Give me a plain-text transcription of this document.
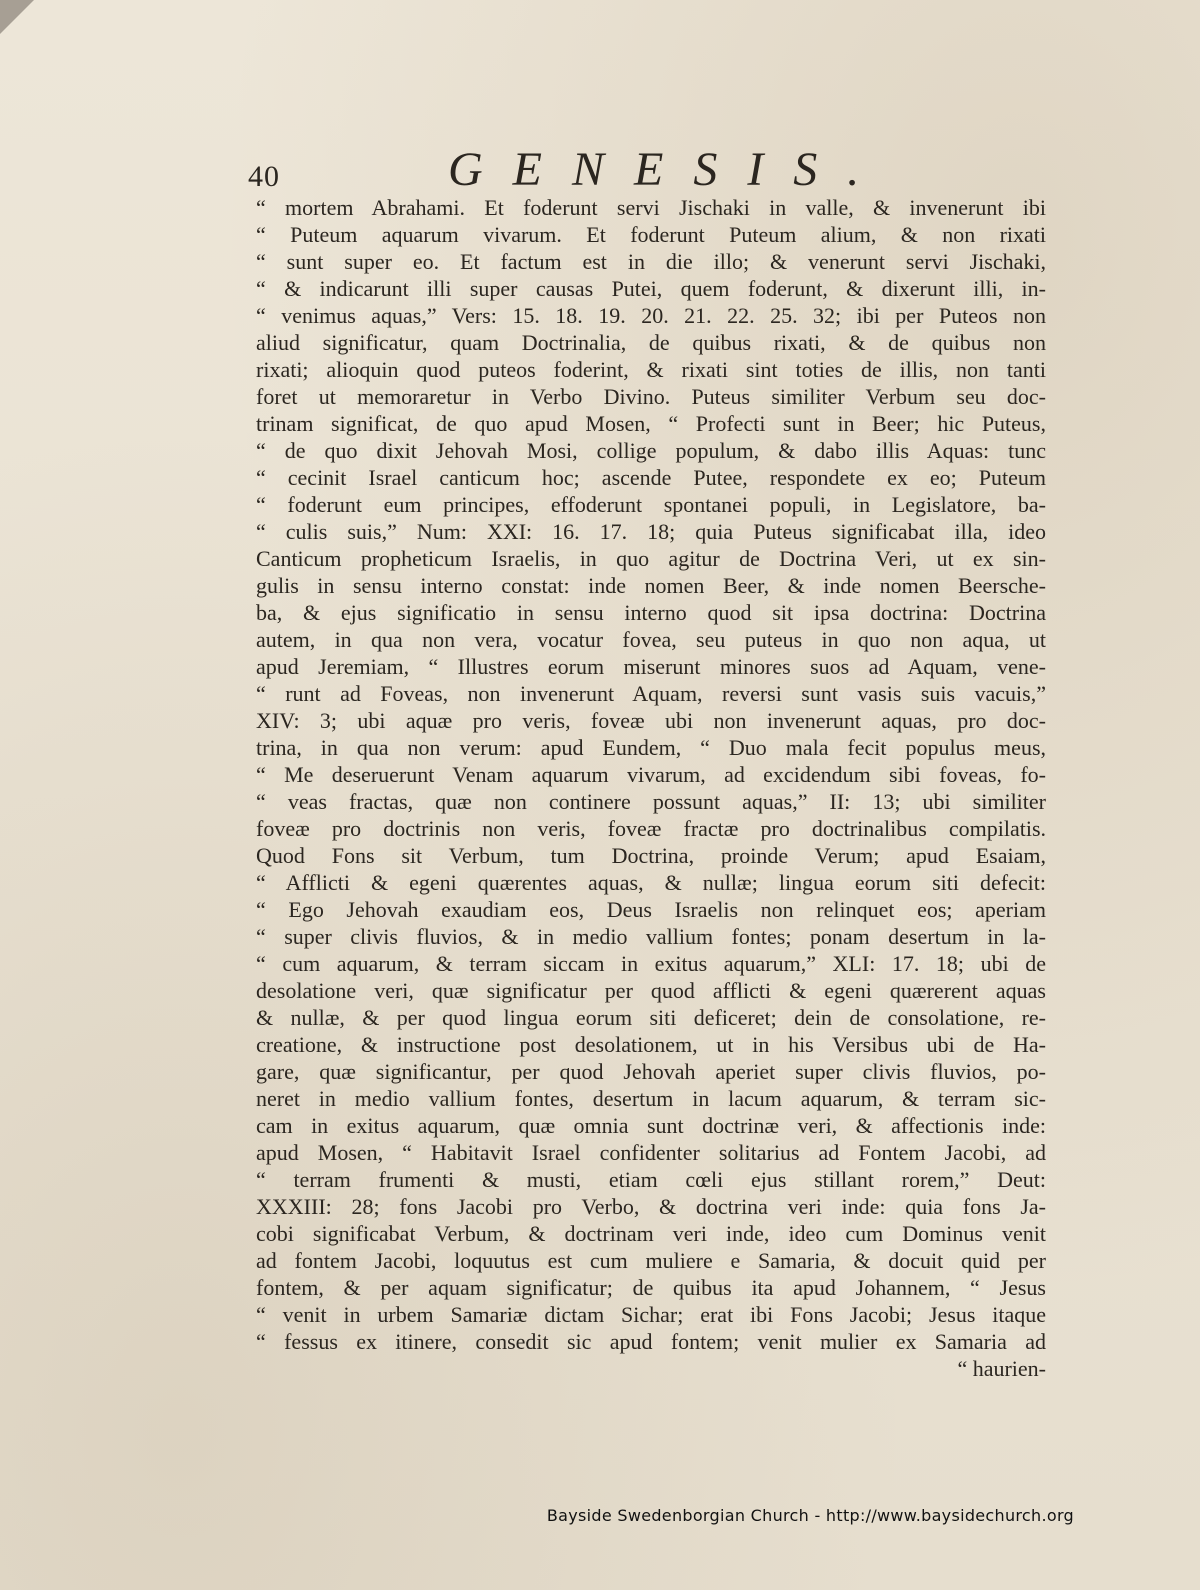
40	GENESIS.
“ mortem Abrahami. Et foderunt servi Jischaki in valle, & invenerunt ibi
“ Puteum aquarum vivarum. Et foderunt Puteum alium, & non rixati
“ sunt super eo. Et factum est in die illo; & venerunt servi Jischaki,
“ & indicarunt illi super causas Putei, quem foderunt, & dixerunt illi, in-
“ venimus aquas,” Vers: 15. 18. 19. 20. 21. 22. 25. 32; ibi per Puteos non
aliud significatur, quam Doctrinalia, de quibus rixati, & de quibus non
rixati; alioquin quod puteos foderint, & rixati sint toties de illis, non tanti
foret ut memoraretur in Verbo Divino. Puteus similiter Verbum seu doc-
trinam significat, de quo apud Mosen, “ Profecti sunt in Beer; hic Puteus,
“ de quo dixit Jehovah Mosi, collige populum, & dabo illis Aquas: tunc
“ cecinit Israel canticum hoc; ascende Putee, respondete ex eo; Puteum
“ foderunt eum principes, effoderunt spontanei populi, in Legislatore, ba-
“ culis suis,” Num: XXI: 16. 17. 18; quia Puteus significabat illa, ideo
Canticum propheticum Israelis, in quo agitur de Doctrina Veri, ut ex sin-
gulis in sensu interno constat: inde nomen Beer, & inde nomen Beersche-
ba, & ejus significatio in sensu interno quod sit ipsa doctrina: Doctrina
autem, in qua non vera, vocatur fovea, seu puteus in quo non aqua, ut
apud Jeremiam, “ Illustres eorum miserunt minores suos ad Aquam, vene-
“ runt ad Foveas, non invenerunt Aquam, reversi sunt vasis suis vacuis,”
XIV: 3; ubi aquæ pro veris, foveæ ubi non invenerunt aquas, pro doc-
trina, in qua non verum: apud Eundem, “ Duo mala fecit populus meus,
“ Me deseruerunt Venam aquarum vivarum, ad excidendum sibi foveas, fo-
“ veas fractas, quæ non continere possunt aquas,” II: 13; ubi similiter
foveæ pro doctrinis non veris, foveæ fractæ pro doctrinalibus compilatis.
Quod Fons sit Verbum, tum Doctrina, proinde Verum; apud Esaiam,
“ Afflicti & egeni quærentes aquas, & nullæ; lingua eorum siti defecit:
“ Ego Jehovah exaudiam eos, Deus Israelis non relinquet eos; aperiam
“ super clivis fluvios, & in medio vallium fontes; ponam desertum in la-
“ cum aquarum, & terram siccam in exitus aquarum,” XLI: 17. 18; ubi de
desolatione veri, quæ significatur per quod afflicti & egeni quærerent aquas
& nullæ, & per quod lingua eorum siti deficeret; dein de consolatione, re-
creatione, & instructione post desolationem, ut in his Versibus ubi de Ha-
gare, quæ significantur, per quod Jehovah aperiet super clivis fluvios, po-
neret in medio vallium fontes, desertum in lacum aquarum, & terram sic-
cam in exitus aquarum, quæ omnia sunt doctrinæ veri, & affectionis inde:
apud Mosen, “ Habitavit Israel confidenter solitarius ad Fontem Jacobi, ad
“ terram frumenti & musti, etiam cœli ejus stillant rorem,” Deut:
XXXIII: 28; fons Jacobi pro Verbo, & doctrina veri inde: quia fons Ja-
cobi significabat Verbum, & doctrinam veri inde, ideo cum Dominus venit
ad fontem Jacobi, loquutus est cum muliere e Samaria, & docuit quid per
fontem, & per aquam significatur; de quibus ita apud Johannem, “ Jesus
“ venit in urbem Samariæ dictam Sichar; erat ibi Fons Jacobi; Jesus itaque
“ fessus ex itinere, consedit sic apud fontem; venit mulier ex Samaria ad
“ haurien-
Bayside Swedenborgian Church - http://www.baysidechurch.org
